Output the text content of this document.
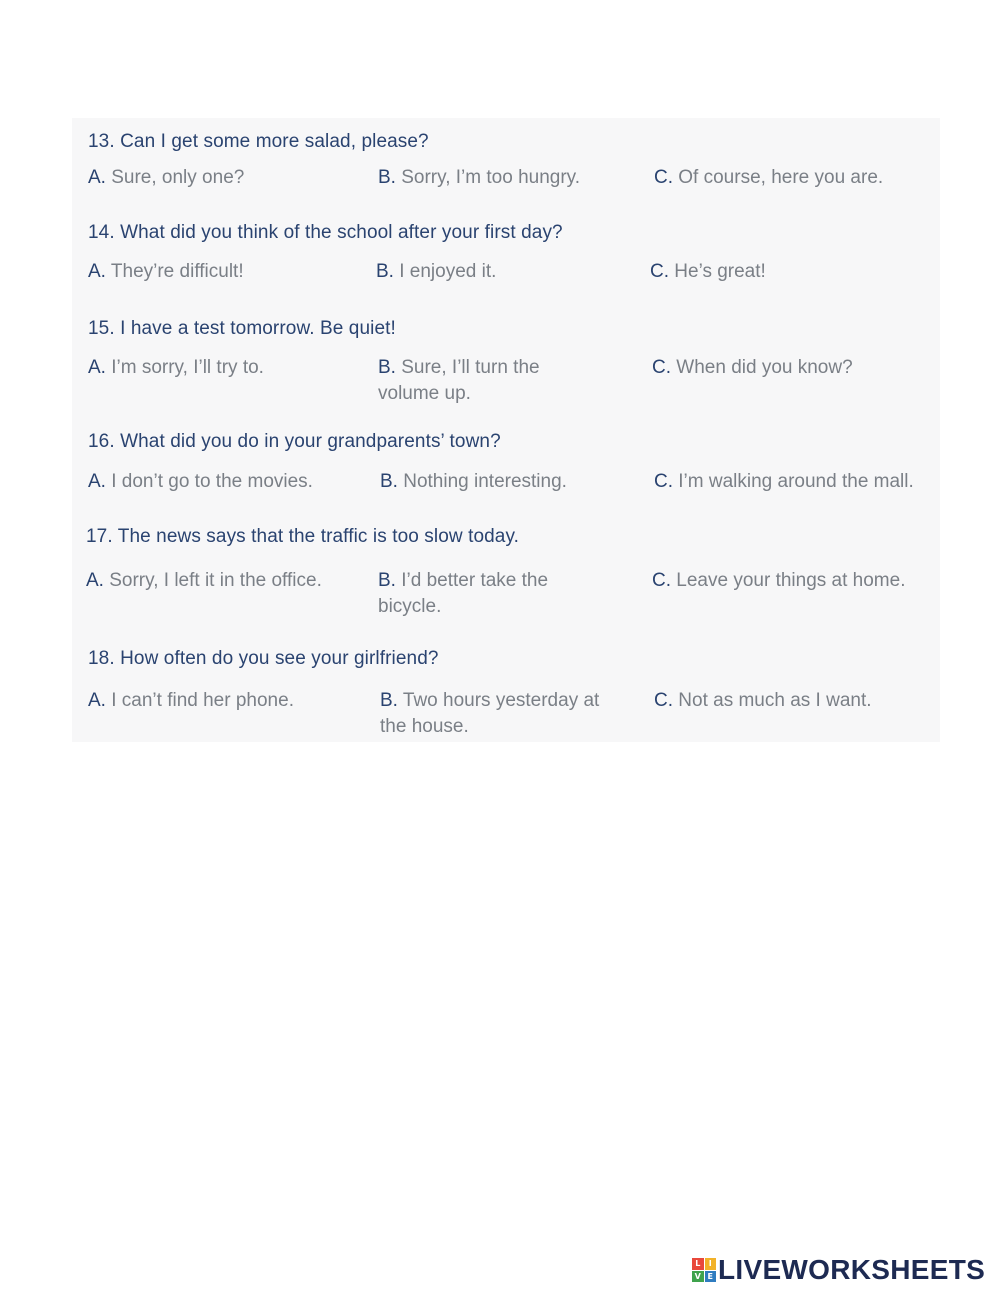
13. Can I get some more salad, please?

A. Sure, only one?	B. Sorry, I’m too hungry.	C. Of course, here you are.

14. What did you think of the school after your first day?

A. They’re difficult!	B. I enjoyed it.	C. He’s great!

15. I have a test tomorrow. Be quiet!

A. I’m sorry, I’ll try to.	B. Sure, I’ll turn the volume up.

C. When did you know?

16. What did you do in your grandparents’ town?

A. I don’t go to the movies.	B. Nothing interesting.	C. I’m walking around the mall.

17. The news says that the traffic is too slow today.

A. Sorry, I left it in the office.	B. I’d better take the bicycle.

C. Leave your things at home.

18. How often do you see your girlfriend?

A. I can’t find her phone.	B. Two hours yesterday at the house.

C. Not as much as I want.

L	I
V E LIVEWORKSHEETS
